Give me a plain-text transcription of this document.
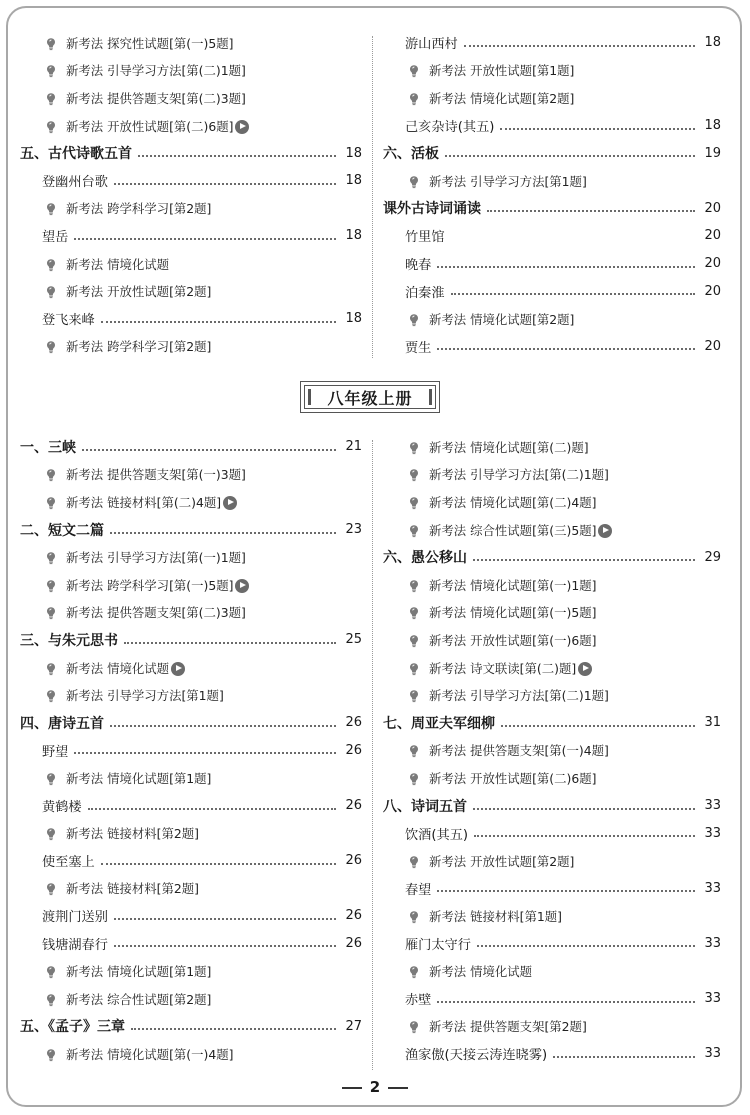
新考法 探究性试题[第(一)5题]
新考法 引导学习方法[第(二)1题]
新考法 提供答题支架[第(二)3题]
新考法 开放性试题[第(二)6题]
五、古代诗歌五首	18
登幽州台歌	18
新考法 跨学科学习[第2题]
望岳	18
新考法 情境化试题
新考法 开放性试题[第2题]
登飞来峰	18
新考法 跨学科学习[第2题]
游山西村	18
新考法 开放性试题[第1题]
新考法 情境化试题[第2题]
己亥杂诗(其五)	18
六、活板	19
新考法 引导学习方法[第1题]
课外古诗词诵读	20
竹里馆	20
晚春	20
泊秦淮	20
新考法 情境化试题[第2题]
贾生	20
八年级上册
一、三峡	21
新考法 提供答题支架[第(一)3题]
新考法 链接材料[第(二)4题]
二、短文二篇	23
新考法 引导学习方法[第(一)1题]
新考法 跨学科学习[第(一)5题]
新考法 提供答题支架[第(二)3题]
三、与朱元思书	25
新考法 情境化试题
新考法 引导学习方法[第1题]
四、唐诗五首	26
野望	26
新考法 情境化试题[第1题]
黄鹤楼	26
新考法 链接材料[第2题]
使至塞上	26
新考法 链接材料[第2题]
渡荆门送别	26
钱塘湖春行	26
新考法 情境化试题[第1题]
新考法 综合性试题[第2题]
五、《孟子》三章	27
新考法 情境化试题[第(一)4题]
新考法 情境化试题[第(二)题]
新考法 引导学习方法[第(二)1题]
新考法 情境化试题[第(二)4题]
新考法 综合性试题[第(三)5题]
六、愚公移山	29
新考法 情境化试题[第(一)1题]
新考法 情境化试题[第(一)5题]
新考法 开放性试题[第(一)6题]
新考法 诗文联读[第(二)题]
新考法 引导学习方法[第(二)1题]
七、周亚夫军细柳	31
新考法 提供答题支架[第(一)4题]
新考法 开放性试题[第(二)6题]
八、诗词五首	33
饮酒(其五)	33
新考法 开放性试题[第2题]
春望	33
新考法 链接材料[第1题]
雁门太守行	33
新考法 情境化试题
赤壁	33
新考法 提供答题支架[第2题]
渔家傲(天接云涛连晓雾)	33
2
